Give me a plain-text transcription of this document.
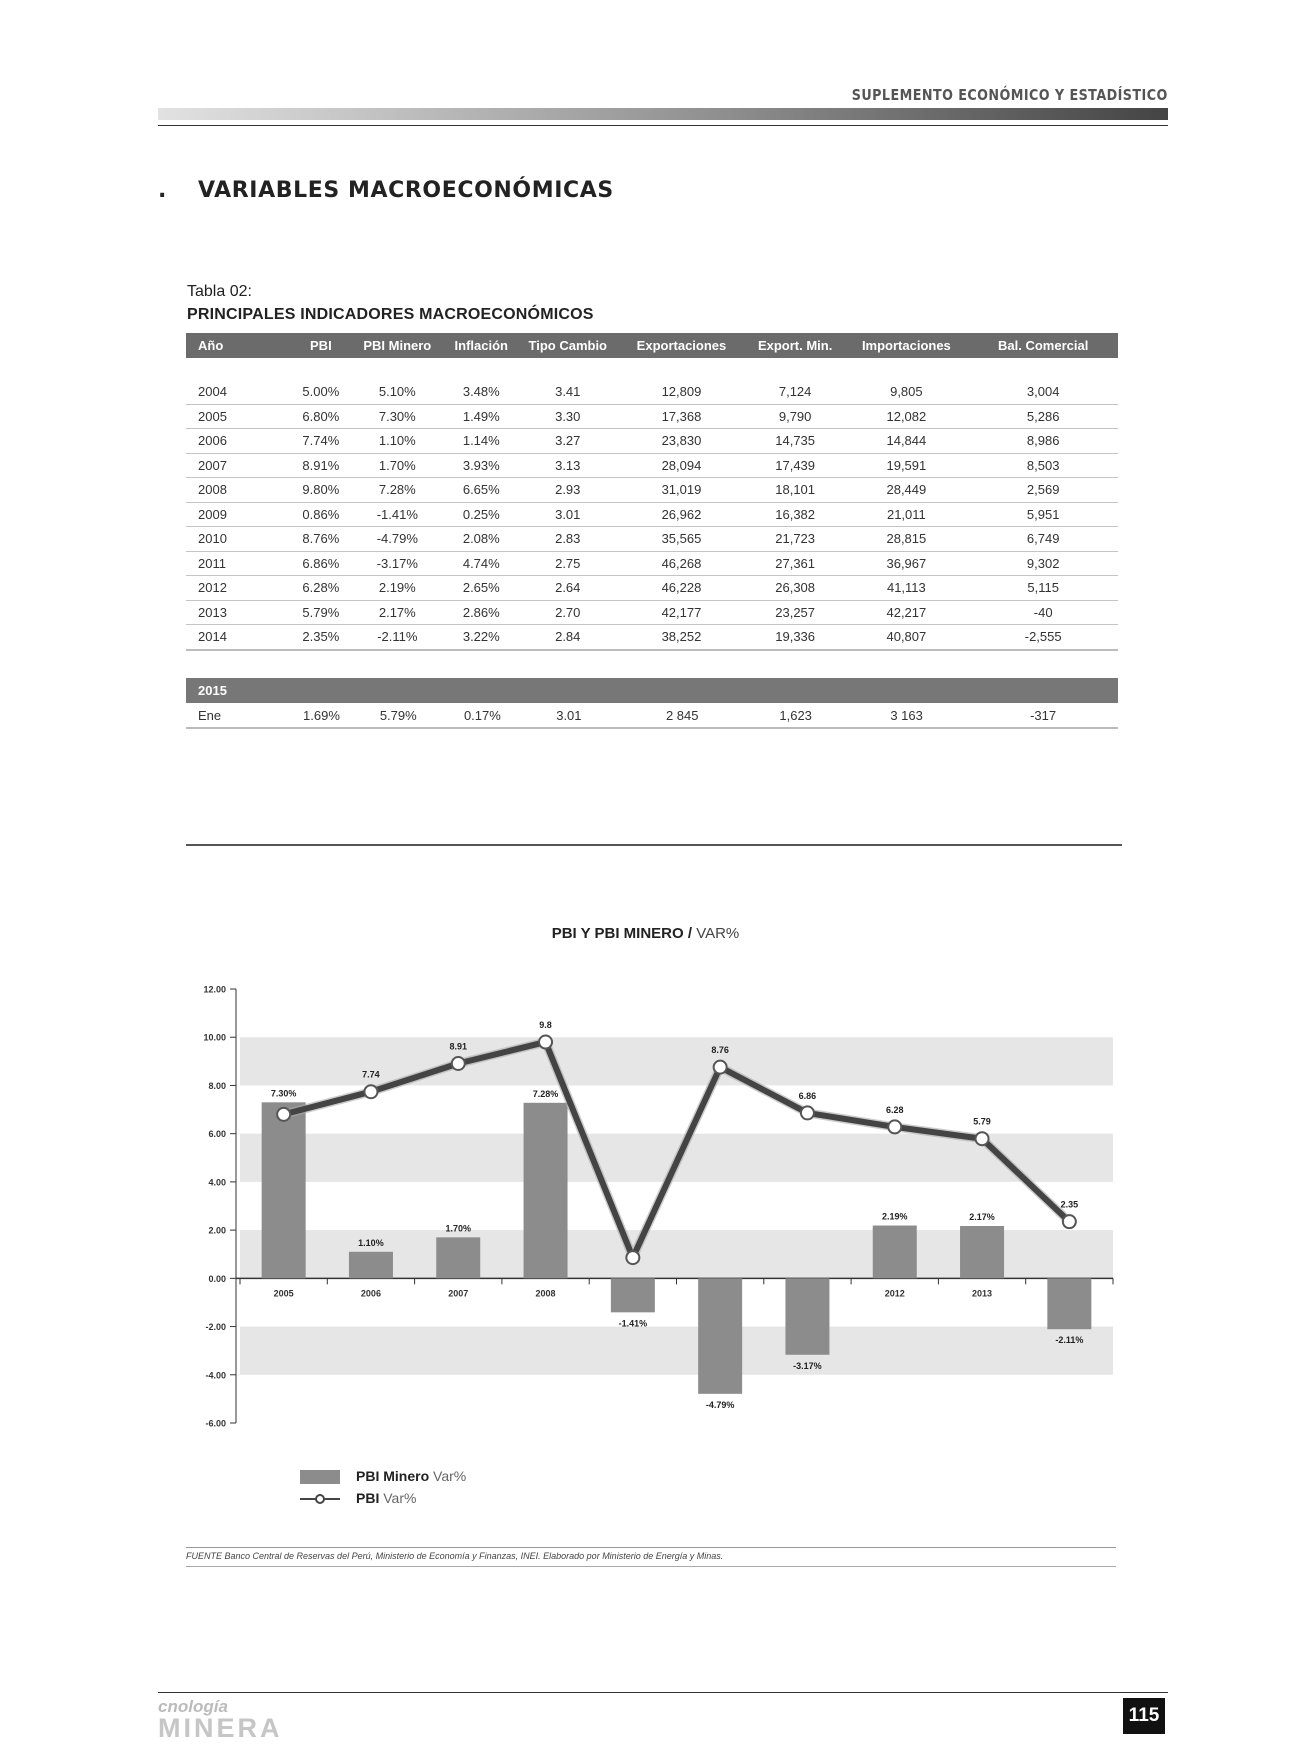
SUPLEMENTO ECONÓMICO Y ESTADÍSTICO
. VARIABLES MACROECONÓMICAS
Tabla 02:
PRINCIPALES INDICADORES MACROECONÓMICOS
Año	PBI	PBI Minero	Inflación	Tipo Cambio	Exportaciones	Export. Min.	Importaciones	Bal. Comercial

2004	5.00%	5.10%	3.48%	3.41	12,809	7,124	9,805	3,004
2005	6.80%	7.30%	1.49%	3.30	17,368	9,790	12,082	5,286
2006	7.74%	1.10%	1.14%	3.27	23,830	14,735	14,844	8,986
2007	8.91%	1.70%	3.93%	3.13	28,094	17,439	19,591	8,503
2008	9.80%	7.28%	6.65%	2.93	31,019	18,101	28,449	2,569
2009	0.86%	-1.41%	0.25%	3.01	26,962	16,382	21,011	5,951
2010	8.76%	-4.79%	2.08%	2.83	35,565	21,723	28,815	6,749
2011	6.86%	-3.17%	4.74%	2.75	46,268	27,361	36,967	9,302
2012	6.28%	2.19%	2.65%	2.64	46,228	26,308	41,113	5,115
2013	5.79%	2.17%	2.86%	2.70	42,177	23,257	42,217	-40
2014	2.35%	-2.11%	3.22%	2.84	38,252	19,336	40,807	-2,555
2015
Ene	1.69%	5.79%	0.17%	3.01	2 845	1,623	3 163	-317
PBI Y PBI MINERO / VAR%
12.00
10.00
8.00
6.00
4.00
2.00
0.00
-2.00
-4.00
-6.00
2005	2006	2007	2008	2012	2013
7.30%
1.10%
1.70%
7.28%
-1.41%
-4.79%
-3.17%
2.19%	2.17%
-2.11%
7.74
8.91
9.8
8.76
6.86
6.28
5.79
2.35
PBI Minero Var%
PBI Var%
FUENTE Banco Central de Reservas del Perú, Ministerio de Economía y Finanzas, INEI. Elaborado por Ministerio de Energía y Minas.
cnología
MINERA	115
